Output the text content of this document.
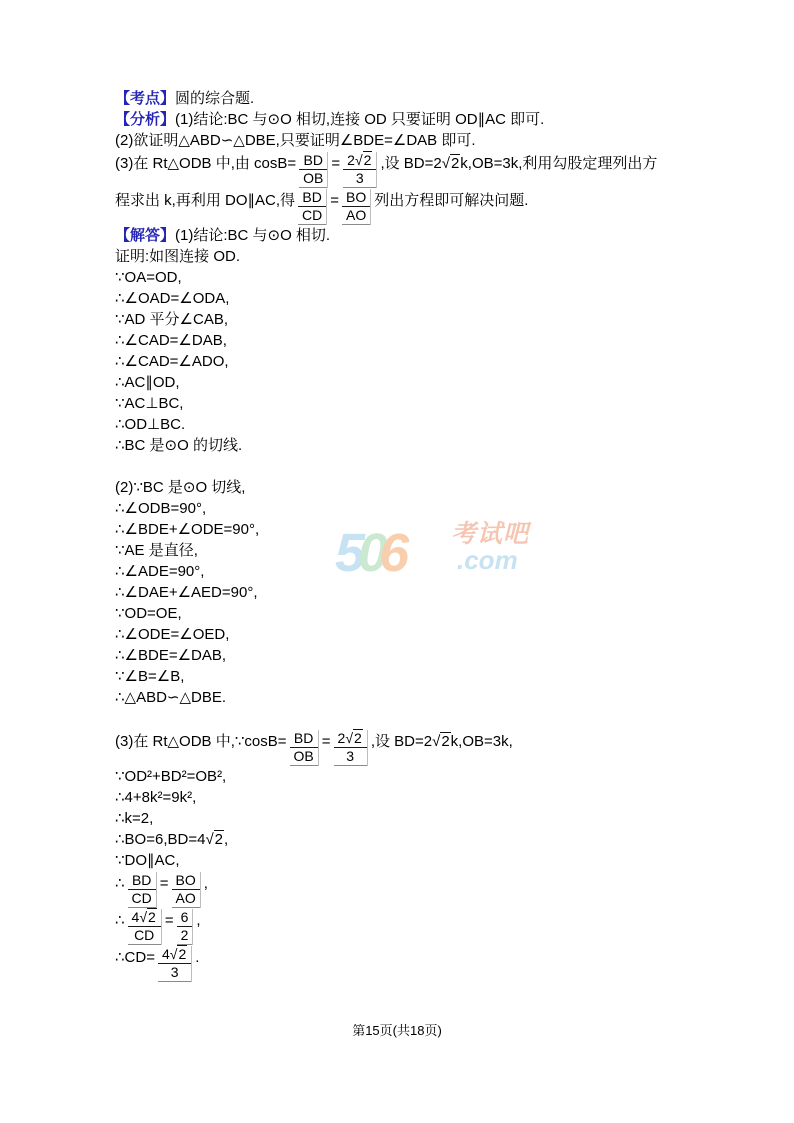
【考点】圆的综合题.
【分析】(1)结论:BC 与⊙O 相切,连接 OD 只要证明 OD∥AC 即可.
(2)欲证明△ABD∽△DBE,只要证明∠BDE=∠DAB 即可.
(3)在 Rt△ODB 中,由 $\cos B= \frac{BD}{OB} = \frac{2√2}{3}$ ,设 BD=2√2k,OB=3k,利用勾股定理列出方
程求出 k,再利用 DO∥AC,得 $\frac{BD}{CD} = \frac{BO}{AO}$ 列出方程即可解决问题.
【解答】(1)结论:BC 与⊙O 相切.
证明:如图连接 OD.
∵OA=OD,
∴∠OAD=∠ODA,
∵AD 平分∠CAB,
∴∠CAD=∠DAB,
∴∠CAD=∠ADO,
∴AC∥OD,
∵AC⊥BC,
∴OD⊥BC.
∴BC 是⊙O 的切线.
(2)∵BC 是⊙O 切线,
∴∠ODB=90°,
∴∠BDE+∠ODE=90°,
∵AE 是直径,
∴∠ADE=90°,
∴∠DAE+∠AED=90°,
∵OD=OE,
∴∠ODE=∠OED,
∴∠BDE=∠DAB,
∵∠B=∠B,
∴△ABD∽△DBE.
(3)在 Rt△ODB 中,∵cosB= $\frac{BD}{OB} = \frac{2√2}{3}$ ,设 BD=2√2k,OB=3k,
∵OD²+BD²=OB²,
∴4+8k²=9k²,
∴k=2,
∴BO=6,BD=4√2,
∵DO∥AC,
∴ $\frac{BD}{CD} = \frac{BO}{AO}$ ,
∴ $\frac{4√2}{CD} = \frac{6}{2}$ ,
∴CD= $\frac{4√2}{3}$ .
506 考试吧
.com
第15页(共18页)
